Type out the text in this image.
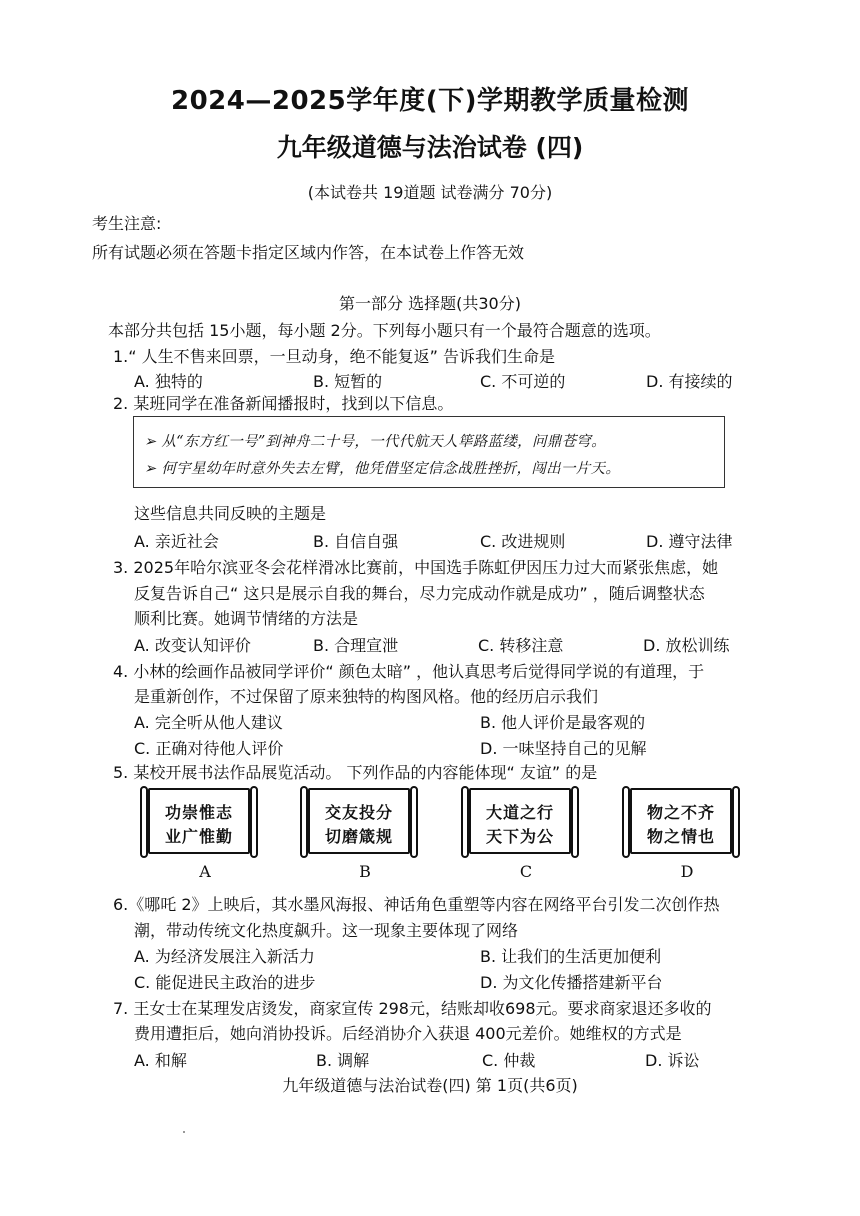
2024—2025学年度(下)学期教学质量检测
九年级道德与法治试卷 (四)
(本试卷共 19道题 试卷满分 70分)
考生注意:
所有试题必须在答题卡指定区域内作答，在本试卷上作答无效
第一部分 选择题(共30分)
本部分共包括 15小题，每小题 2分。下列每小题只有一个最符合题意的选项。
1.“ 人生不售来回票，一旦动身，绝不能复返” 告诉我们生命是
A. 独特的	B. 短暂的	C. 不可逆的	D. 有接续的
2. 某班同学在准备新闻播报时，找到以下信息。
➢ 从“东方红一号”到神舟二十号，一代代航天人筚路蓝缕，问鼎苍穹。
➢ 何宇星幼年时意外失去左臂，他凭借坚定信念战胜挫折，闯出一片天。
这些信息共同反映的主题是
A. 亲近社会	B. 自信自强	C. 改进规则	D. 遵守法律
3. 2025年哈尔滨亚冬会花样滑冰比赛前，中国选手陈虹伊因压力过大而紧张焦虑，她
反复告诉自己“ 这只是展示自我的舞台，尽力完成动作就是成功” ，随后调整状态
顺利比赛。她调节情绪的方法是
A. 改变认知评价	B. 合理宣泄	C. 转移注意	D. 放松训练
4. 小林的绘画作品被同学评价“ 颜色太暗” ，他认真思考后觉得同学说的有道理，于
是重新创作，不过保留了原来独特的构图风格。他的经历启示我们
A. 完全听从他人建议	B. 他人评价是最客观的
C. 正确对待他人评价	D. 一味坚持自己的见解
5. 某校开展书法作品展览活动。 下列作品的内容能体现“ 友谊” 的是
功崇惟志
业广惟勤
A
交友投分
切磨箴规
B
大道之行
天下为公
C
物之不齐
物之情也
D
6.《哪吒 2》上映后，其水墨风海报、神话角色重塑等内容在网络平台引发二次创作热
潮，带动传统文化热度飙升。这一现象主要体现了网络
A. 为经济发展注入新活力	B. 让我们的生活更加便利
C. 能促进民主政治的进步	D. 为文化传播搭建新平台
7. 王女士在某理发店烫发，商家宣传 298元，结账却收698元。要求商家退还多收的
费用遭拒后，她向消协投诉。后经消协介入获退 400元差价。她维权的方式是
A. 和解	B. 调解	C. 仲裁	D. 诉讼
九年级道德与法治试卷(四) 第 1页(共6页)
